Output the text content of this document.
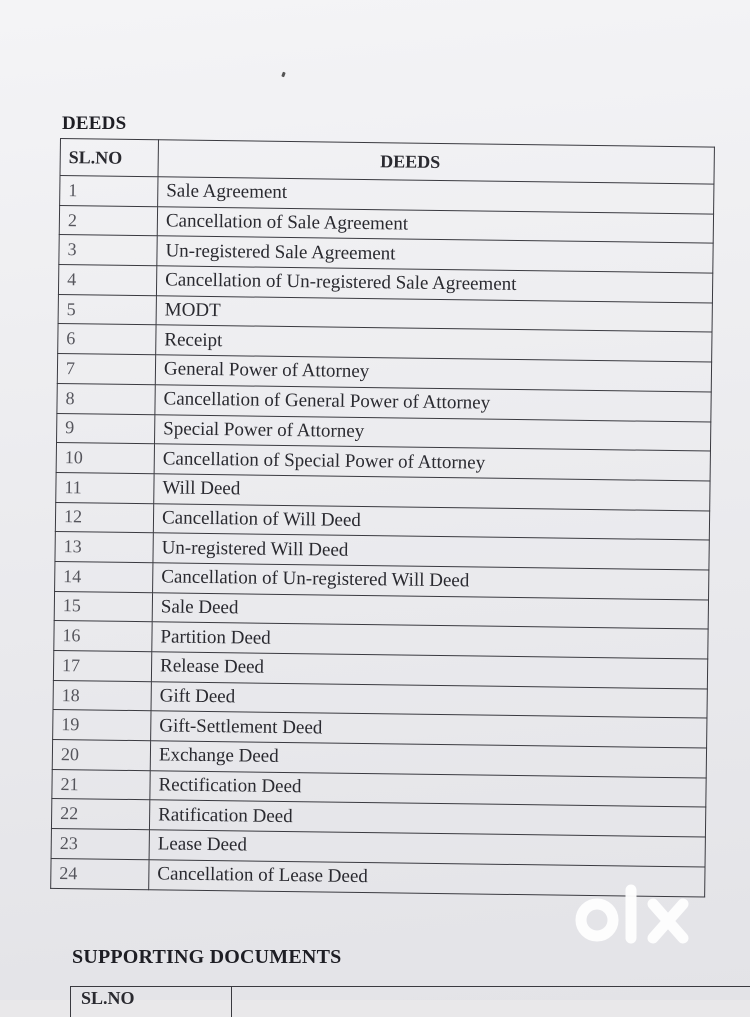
DEEDS
SL.NO	DEEDS
1	Sale Agreement
2	Cancellation of Sale Agreement
3	Un-registered Sale Agreement
4	Cancellation of Un-registered Sale Agreement
5	MODT
6	Receipt
7	General Power of Attorney
8	Cancellation of General Power of Attorney
9	Special Power of Attorney
10	Cancellation of Special Power of Attorney
11	Will Deed
12	Cancellation of Will Deed
13	Un-registered Will Deed
14	Cancellation of Un-registered Will Deed
15	Sale Deed
16	Partition Deed
17	Release Deed
18	Gift Deed
19	Gift-Settlement Deed
20	Exchange Deed
21	Rectification Deed
22	Ratification Deed
23	Lease Deed
24	Cancellation of Lease Deed
SUPPORTING DOCUMENTS
SL.NO
